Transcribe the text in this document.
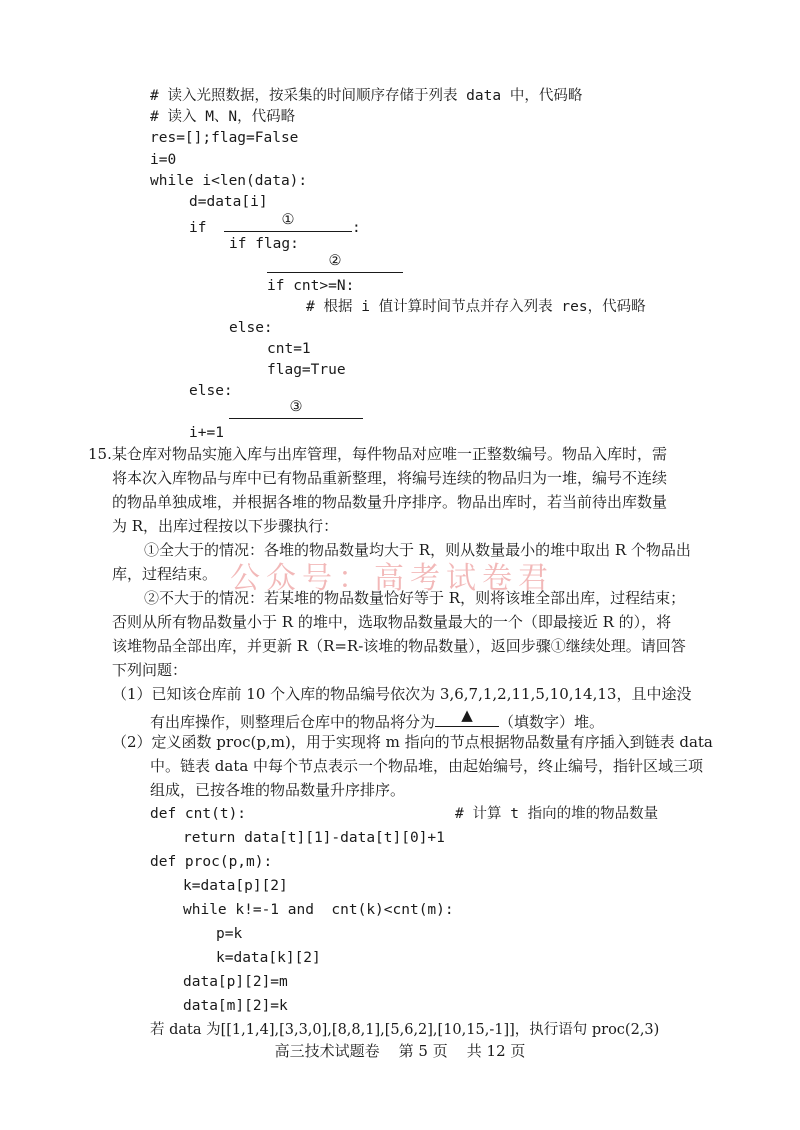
# 读入光照数据，按采集的时间顺序存储于列表 data 中，代码略
# 读入 M、N，代码略
res=[];flag=False
i=0
while i<len(data):
d=data[i]
if	①	:
if flag:
②
if cnt>=N:
# 根据 i 值计算时间节点并存入列表 res，代码略
else:
cnt=1
flag=True
else:
③
i+=1
15. 某仓库对物品实施入库与出库管理，每件物品对应唯一正整数编号。物品入库时，需
将本次入库物品与库中已有物品重新整理，将编号连续的物品归为一堆，编号不连续
的物品单独成堆，并根据各堆的物品数量升序排序。物品出库时，若当前待出库数量
为 R，出库过程按以下步骤执行：
①全大于的情况：各堆的物品数量均大于 R，则从数量最小的堆中取出 R 个物品出
库，过程结束。
②不大于的情况：若某堆的物品数量恰好等于 R，则将该堆全部出库，过程结束；
否则从所有物品数量小于 R 的堆中，选取物品数量最大的一个（即最接近 R 的），将
该堆物品全部出库，并更新 R（R=R-该堆的物品数量），返回步骤①继续处理。请回答
下列问题：
（1）已知该仓库前 10 个入库的物品编号依次为 3,6,7,1,2,11,5,10,14,13，且中途没
有出库操作，则整理后仓库中的物品将分为	▲	（填数字）堆。
（2）定义函数 proc(p,m)，用于实现将 m 指向的节点根据物品数量有序插入到链表 data
中。链表 data 中每个节点表示一个物品堆，由起始编号，终止编号，指针区域三项
组成，已按各堆的物品数量升序排序。
def cnt(t):	# 计算 t 指向的堆的物品数量
return data[t][1]-data[t][0]+1
def proc(p,m):
k=data[p][2]
while k!=-1 and  cnt(k)<cnt(m):
p=k
k=data[k][2]
data[p][2]=m
data[m][2]=k
若 data 为[[1,1,4],[3,3,0],[8,8,1],[5,6,2],[10,15,-1]]，执行语句 proc(2,3)
公众号：高考试卷君
高三技术试题卷    第 5 页    共 12 页
